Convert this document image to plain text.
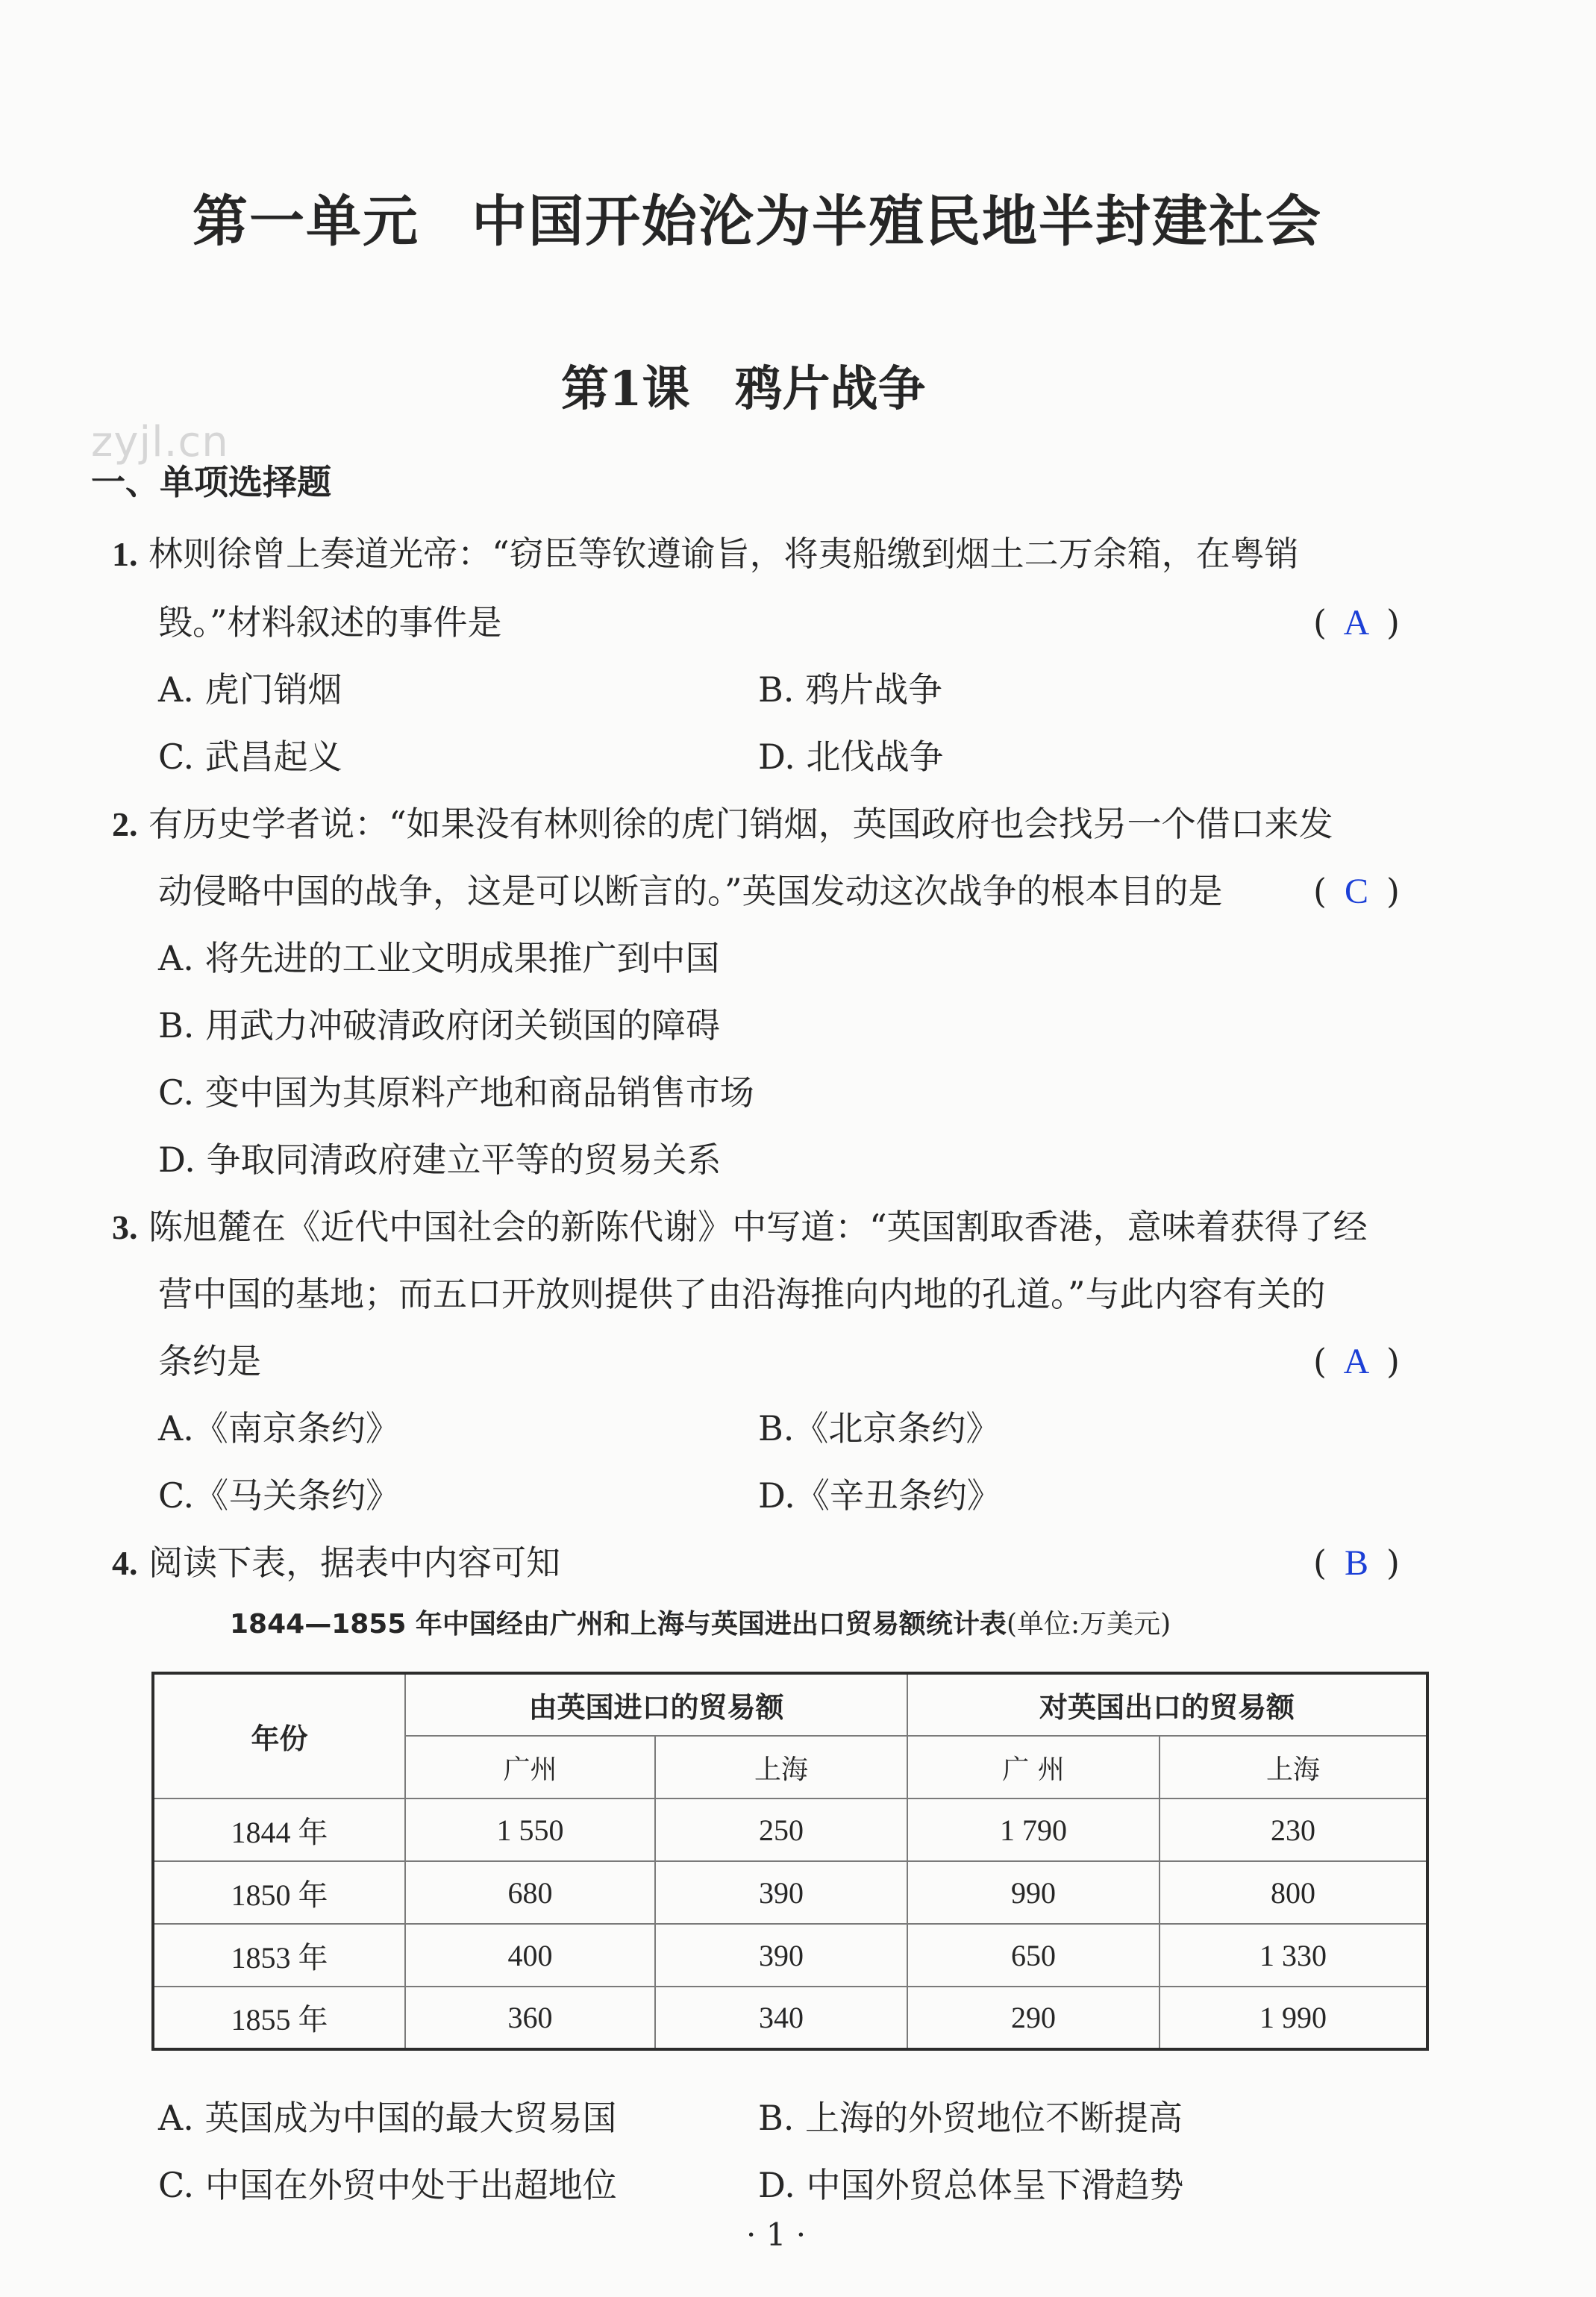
第一单元 中国开始沦为半殖民地半封建社会
第1课 鸦片战争
zyjl.cn
一、单项选择题
1. 林则徐曾上奏道光帝：“窃臣等钦遵谕旨，将夷船缴到烟土二万余箱，在粤销
毁。”材料叙述的事件是	( A )
A. 虎门销烟	B. 鸦片战争
C. 武昌起义	D. 北伐战争
2. 有历史学者说：“如果没有林则徐的虎门销烟，英国政府也会找另一个借口来发
动侵略中国的战争，这是可以断言的。”英国发动这次战争的根本目的是	( C )
A. 将先进的工业文明成果推广到中国
B. 用武力冲破清政府闭关锁国的障碍
C. 变中国为其原料产地和商品销售市场
D. 争取同清政府建立平等的贸易关系
3. 陈旭麓在《近代中国社会的新陈代谢》中写道：“英国割取香港，意味着获得了经
营中国的基地；而五口开放则提供了由沿海推向内地的孔道。”与此内容有关的
条约是	( A )
A.《南京条约》	B.《北京条约》
C.《马关条约》	D.《辛丑条约》
4. 阅读下表，据表中内容可知	( B )
1844—1855 年中国经由广州和上海与英国进出口贸易额统计表(单位:万美元)
年份	由英国进口的贸易额		对英国出口的贸易额	
	广州	上海	广 州	上海
1844 年	1 550	250	1 790	230
1850 年	680	390	990	800
1853 年	400	390	650	1 330
1855 年	360	340	290	1 990
A. 英国成为中国的最大贸易国	B. 上海的外贸地位不断提高
C. 中国在外贸中处于出超地位	D. 中国外贸总体呈下滑趋势
· 1 ·
